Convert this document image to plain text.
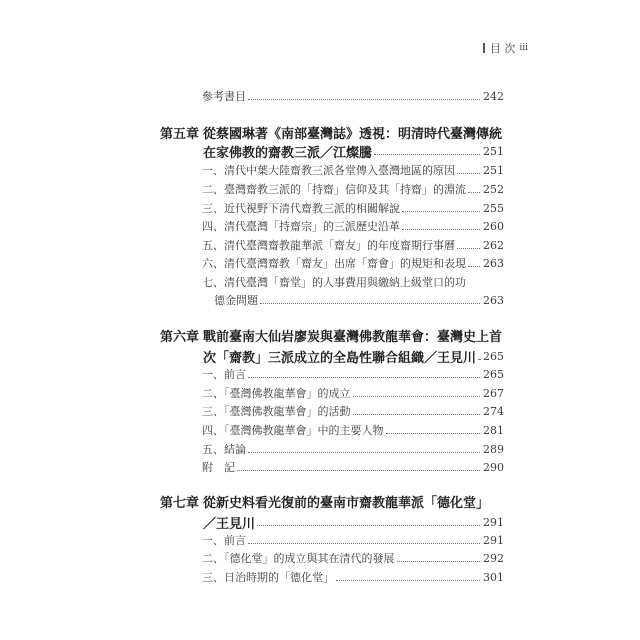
目 次 iii
參考書目	242
第五章 從蔡國琳著《南部臺灣誌》透視：明清時代臺灣傳統
在家佛教的齋教三派／江燦騰	251
一、清代中葉大陸齋教三派各堂傳入臺灣地區的原因	251
二、臺灣齋教三派的「持齋」信仰及其「持齋」的淵流 252
三、近代視野下清代齋教三派的相關解說	255
四、清代臺灣「持齋宗」的三派歷史沿革	260
五、清代臺灣齋教龍華派「齋友」的年度齋期行事曆	262
六、清代臺灣齋教「齋友」出席「齋會」的規矩和表現 263
七、清代臺灣「齋堂」的人事費用與繳納上級堂口的功
德金問題	263
第六章 戰前臺南大仙岩廖炭與臺灣佛教龍華會：臺灣史上首
次「齋教」三派成立的全島性聯合組織／王見川 265
一、前言	265
二、「臺灣佛教龍華會」的成立	267
三、「臺灣佛教龍華會」的活動	274
四、「臺灣佛教龍華會」中的主要人物	281
五、結論	289
附　記	290
第七章 從新史料看光復前的臺南市齋教龍華派「德化堂」
／王見川	291
一、前言	291
二、「德化堂」的成立與其在清代的發展	292
三、日治時期的「德化堂」	301
